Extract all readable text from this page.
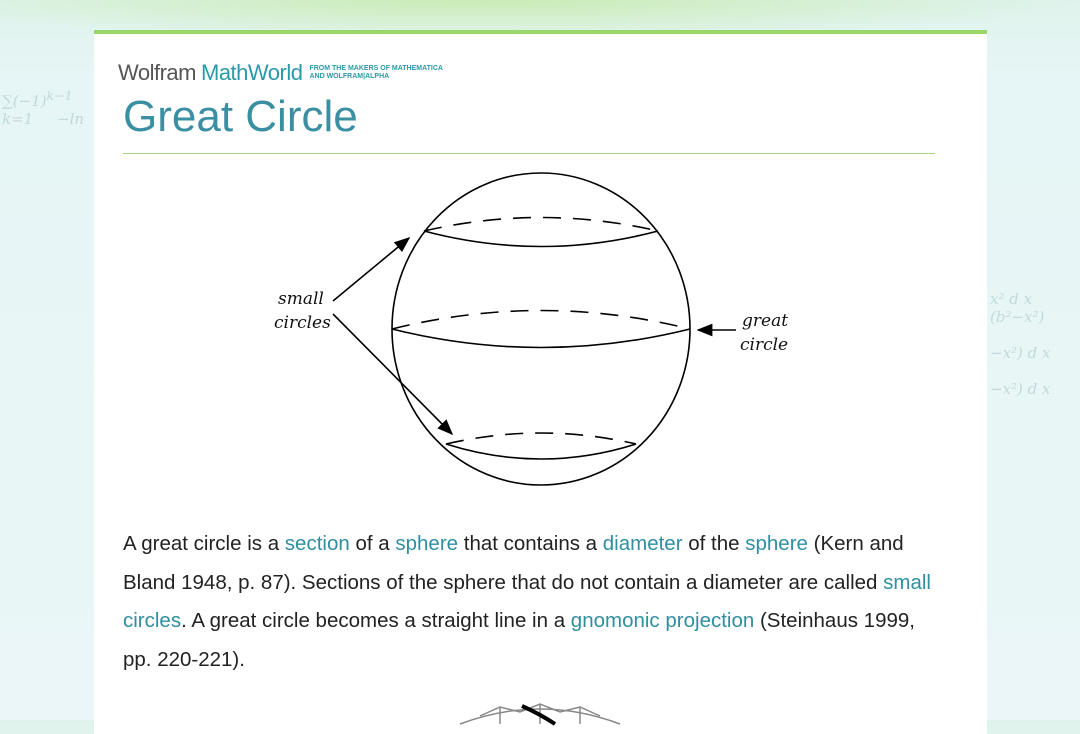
$\sum(-1)^{k-1}$
k=1     −ln
x² d x
(b²−x²)

−x²) d x

−x²) d x
Wolfram MathWorld FROM THE MAKERS OF MATHEMATICA
AND WOLFRAM|ALPHA
Great Circle
small
circles	great
circle
A great circle is a section of a sphere that contains a diameter of the sphere (Kern and Bland 1948, p. 87). Sections of the sphere that do not contain a diameter are called small circles. A great circle becomes a straight line in a gnomonic projection (Steinhaus 1999, pp. 220-221).
